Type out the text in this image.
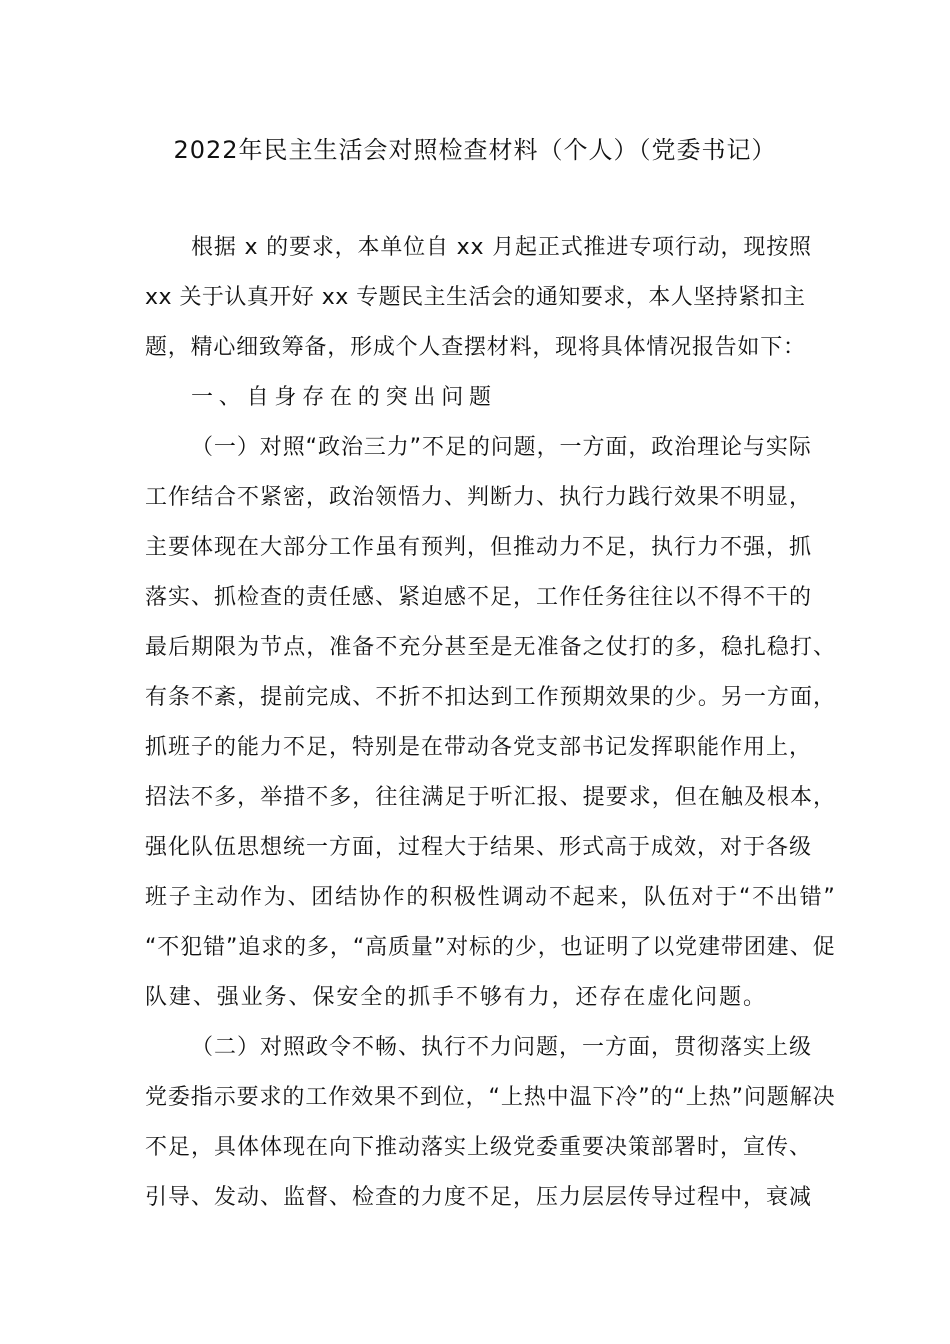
2022年民主生活会对照检查材料（个人）（党委书记）
根据 x 的要求，本单位自 xx 月起正式推进专项行动，现按照
xx 关于认真开好 xx 专题民主生活会的通知要求，本人坚持紧扣主
题，精心细致筹备，形成个人查摆材料，现将具体情况报告如下：
一、自身存在的突出问题
（一）对照“政治三力”不足的问题，一方面，政治理论与实际
工作结合不紧密，政治领悟力、判断力、执行力践行效果不明显，
主要体现在大部分工作虽有预判，但推动力不足，执行力不强，抓
落实、抓检查的责任感、紧迫感不足，工作任务往往以不得不干的
最后期限为节点，准备不充分甚至是无准备之仗打的多，稳扎稳打、
有条不紊，提前完成、不折不扣达到工作预期效果的少。另一方面，
抓班子的能力不足，特别是在带动各党支部书记发挥职能作用上，
招法不多，举措不多，往往满足于听汇报、提要求，但在触及根本，
强化队伍思想统一方面，过程大于结果、形式高于成效，对于各级
班子主动作为、团结协作的积极性调动不起来，队伍对于“不出错”
“不犯错”追求的多，“高质量”对标的少，也证明了以党建带团建、促
队建、强业务、保安全的抓手不够有力，还存在虚化问题。
（二）对照政令不畅、执行不力问题，一方面，贯彻落实上级
党委指示要求的工作效果不到位，“上热中温下冷”的“上热”问题解决
不足，具体体现在向下推动落实上级党委重要决策部署时，宣传、
引导、发动、监督、检查的力度不足，压力层层传导过程中，衰减
